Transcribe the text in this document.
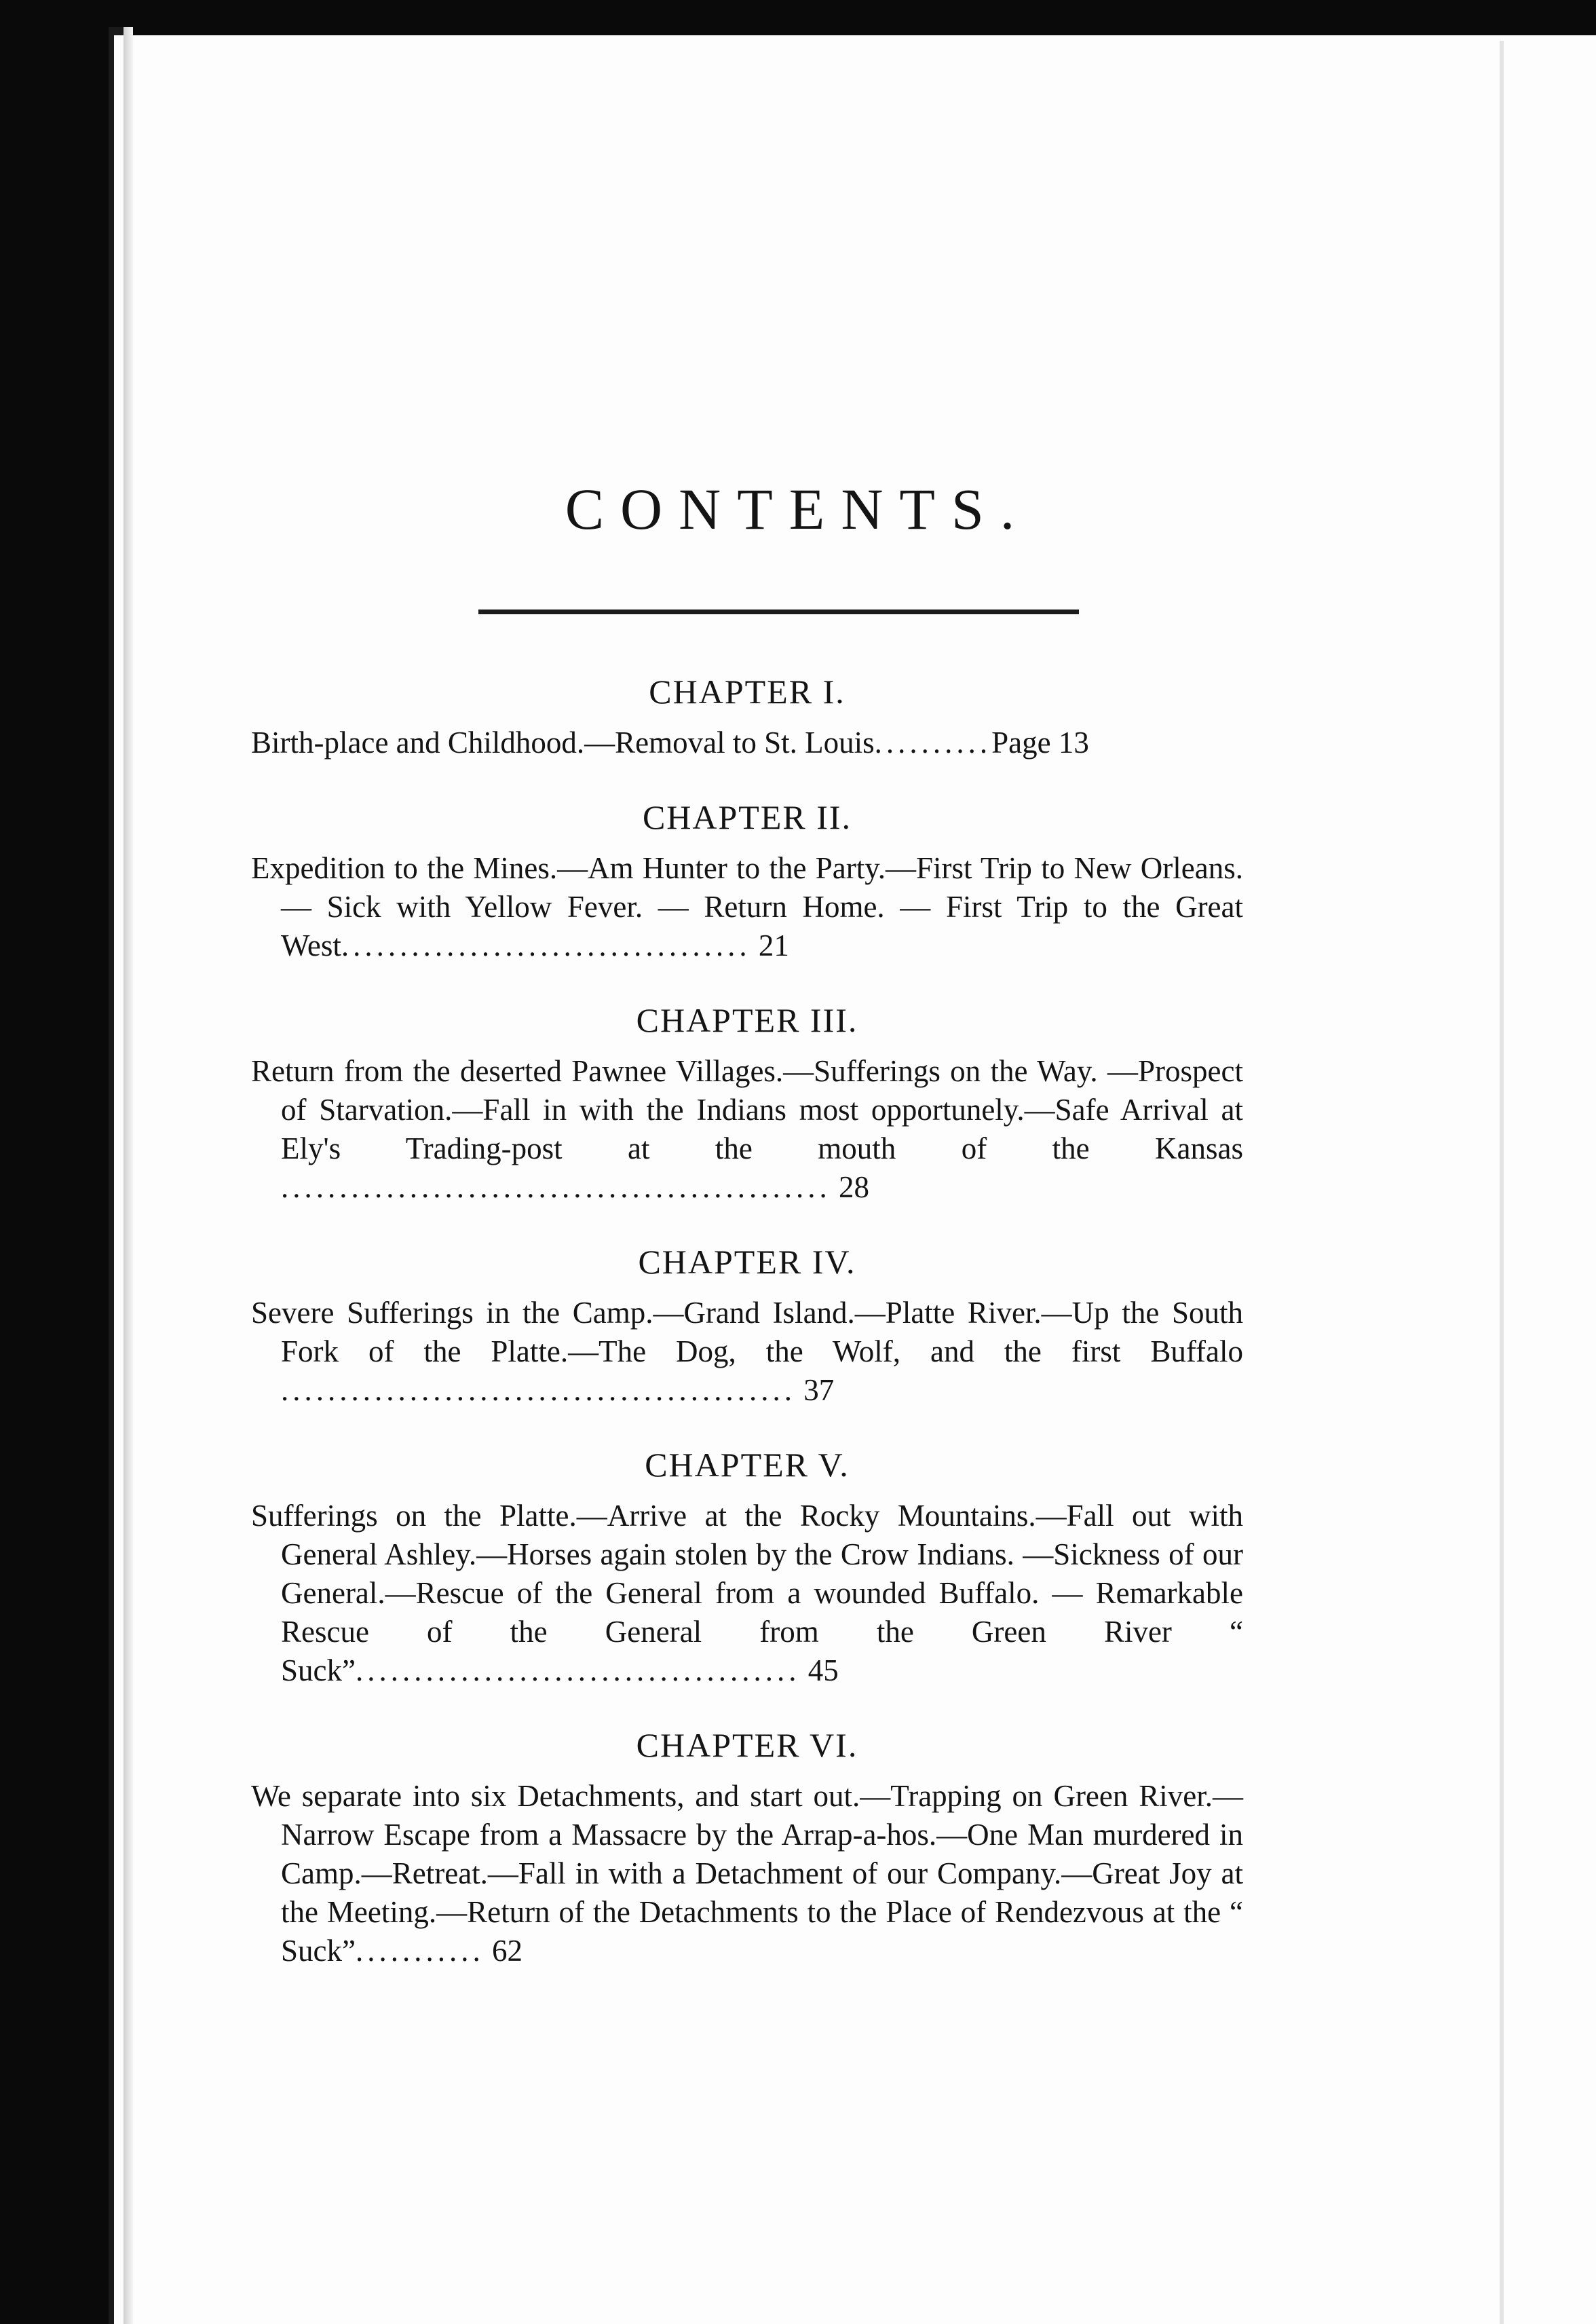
CONTENTS.
CHAPTER I.

Birth-place and Childhood.—Removal to St. Louis..........Page 13

CHAPTER II.

Expedition to the Mines.—Am Hunter to the Party.—First Trip to New Orleans. — Sick with Yellow Fever. — Return Home. — First Trip to the Great West................................... 21

CHAPTER III.

Return from the deserted Pawnee Villages.—Sufferings on the Way. —Prospect of Starvation.—Fall in with the Indians most opportunely.—Safe Arrival at Ely's Trading-post at the mouth of the Kansas ............................................... 28

CHAPTER IV.

Severe Sufferings in the Camp.—Grand Island.—Platte River.—Up the South Fork of the Platte.—The Dog, the Wolf, and the first Buffalo ............................................ 37

CHAPTER V.

Sufferings on the Platte.—Arrive at the Rocky Mountains.—Fall out with General Ashley.—Horses again stolen by the Crow Indians. —Sickness of our General.—Rescue of the General from a wounded Buffalo. — Remarkable Rescue of the General from the Green River “ Suck”...................................... 45

CHAPTER VI.

We separate into six Detachments, and start out.—Trapping on Green River.—Narrow Escape from a Massacre by the Arrap-a-hos.—One Man murdered in Camp.—Retreat.—Fall in with a Detachment of our Company.—Great Joy at the Meeting.—Return of the Detachments to the Place of Rendezvous at the “ Suck”........... 62
